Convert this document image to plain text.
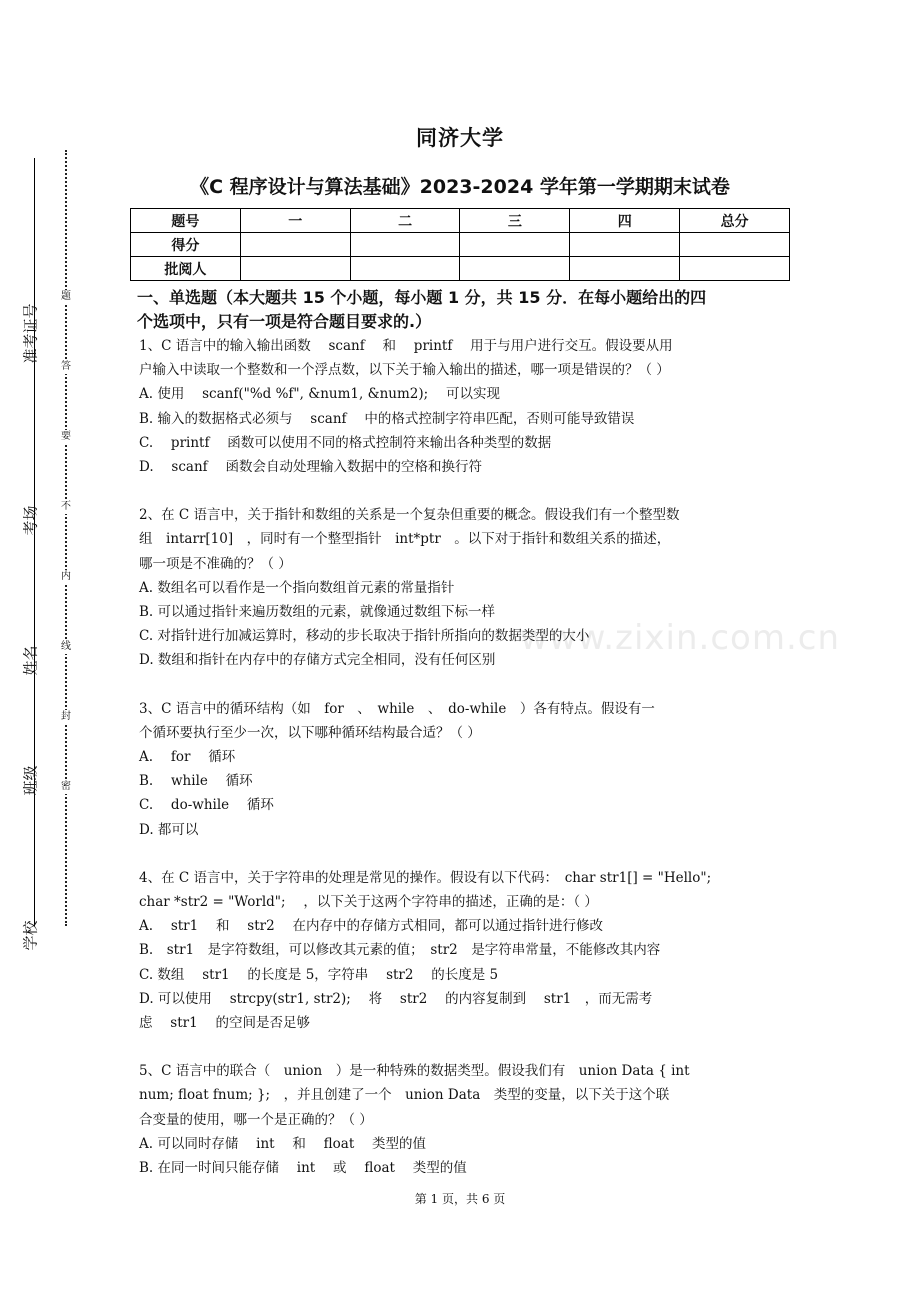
准考证号
考场
姓名
班级
学校
题
答
要
不
内
线
封
密
www.zixin.com.cn
同济大学
《C 程序设计与算法基础》2023-2024 学年第一学期期末试卷
题号	一	二	三	四	总分
得分					
批阅人					
一、单选题（本大题共 15 个小题，每小题 1 分，共 15 分．在每小题给出的四
个选项中，只有一项是符合题目要求的.）
1、C 语言中的输入输出函数　 scanf　 和　 printf　 用于与用户进行交互。假设要从用
户输入中读取一个整数和一个浮点数，以下关于输入输出的描述，哪一项是错误的？（ ）
A. 使用　 scanf("%d %f", &num1, &num2);　 可以实现
B. 输入的数据格式必须与　 scanf　 中的格式控制字符串匹配，否则可能导致错误
C.　 printf　 函数可以使用不同的格式控制符来输出各种类型的数据
D.　 scanf　 函数会自动处理输入数据中的空格和换行符
2、在 C 语言中，关于指针和数组的关系是一个复杂但重要的概念。假设我们有一个整型数
组　intarr[10]　，同时有一个整型指针　int*ptr　。以下对于指针和数组关系的描述，
哪一项是不准确的？（ ）
A. 数组名可以看作是一个指向数组首元素的常量指针
B. 可以通过指针来遍历数组的元素，就像通过数组下标一样
C. 对指针进行加减运算时，移动的步长取决于指针所指向的数据类型的大小
D. 数组和指针在内存中的存储方式完全相同，没有任何区别
3、C 语言中的循环结构（如　for　、　while　、　do-while　）各有特点。假设有一
个循环要执行至少一次，以下哪种循环结构最合适？（ ）
A.　 for　 循环
B.　 while　 循环
C.　 do-while　 循环
D. 都可以
4、在 C 语言中，关于字符串的处理是常见的操作。假设有以下代码：　char str1[] = "Hello";
char *str2 = "World";　 ，以下关于这两个字符串的描述，正确的是：（ ）
A.　 str1　 和　 str2　 在内存中的存储方式相同，都可以通过指针进行修改
B.　str1　是字符数组，可以修改其元素的值；　str2　是字符串常量，不能修改其内容
C. 数组　 str1　 的长度是 5，字符串　 str2　 的长度是 5
D. 可以使用　 strcpy(str1, str2);　 将　 str2　 的内容复制到　 str1　，而无需考
虑　 str1　 的空间是否足够
5、C 语言中的联合（　union　）是一种特殊的数据类型。假设我们有　union Data { int
num; float fnum; };　，并且创建了一个　union Data　类型的变量，以下关于这个联
合变量的使用，哪一个是正确的？（ ）
A. 可以同时存储　 int　 和　 float　 类型的值
B. 在同一时间只能存储　 int　 或　 float　 类型的值
第 1 页，共 6 页
